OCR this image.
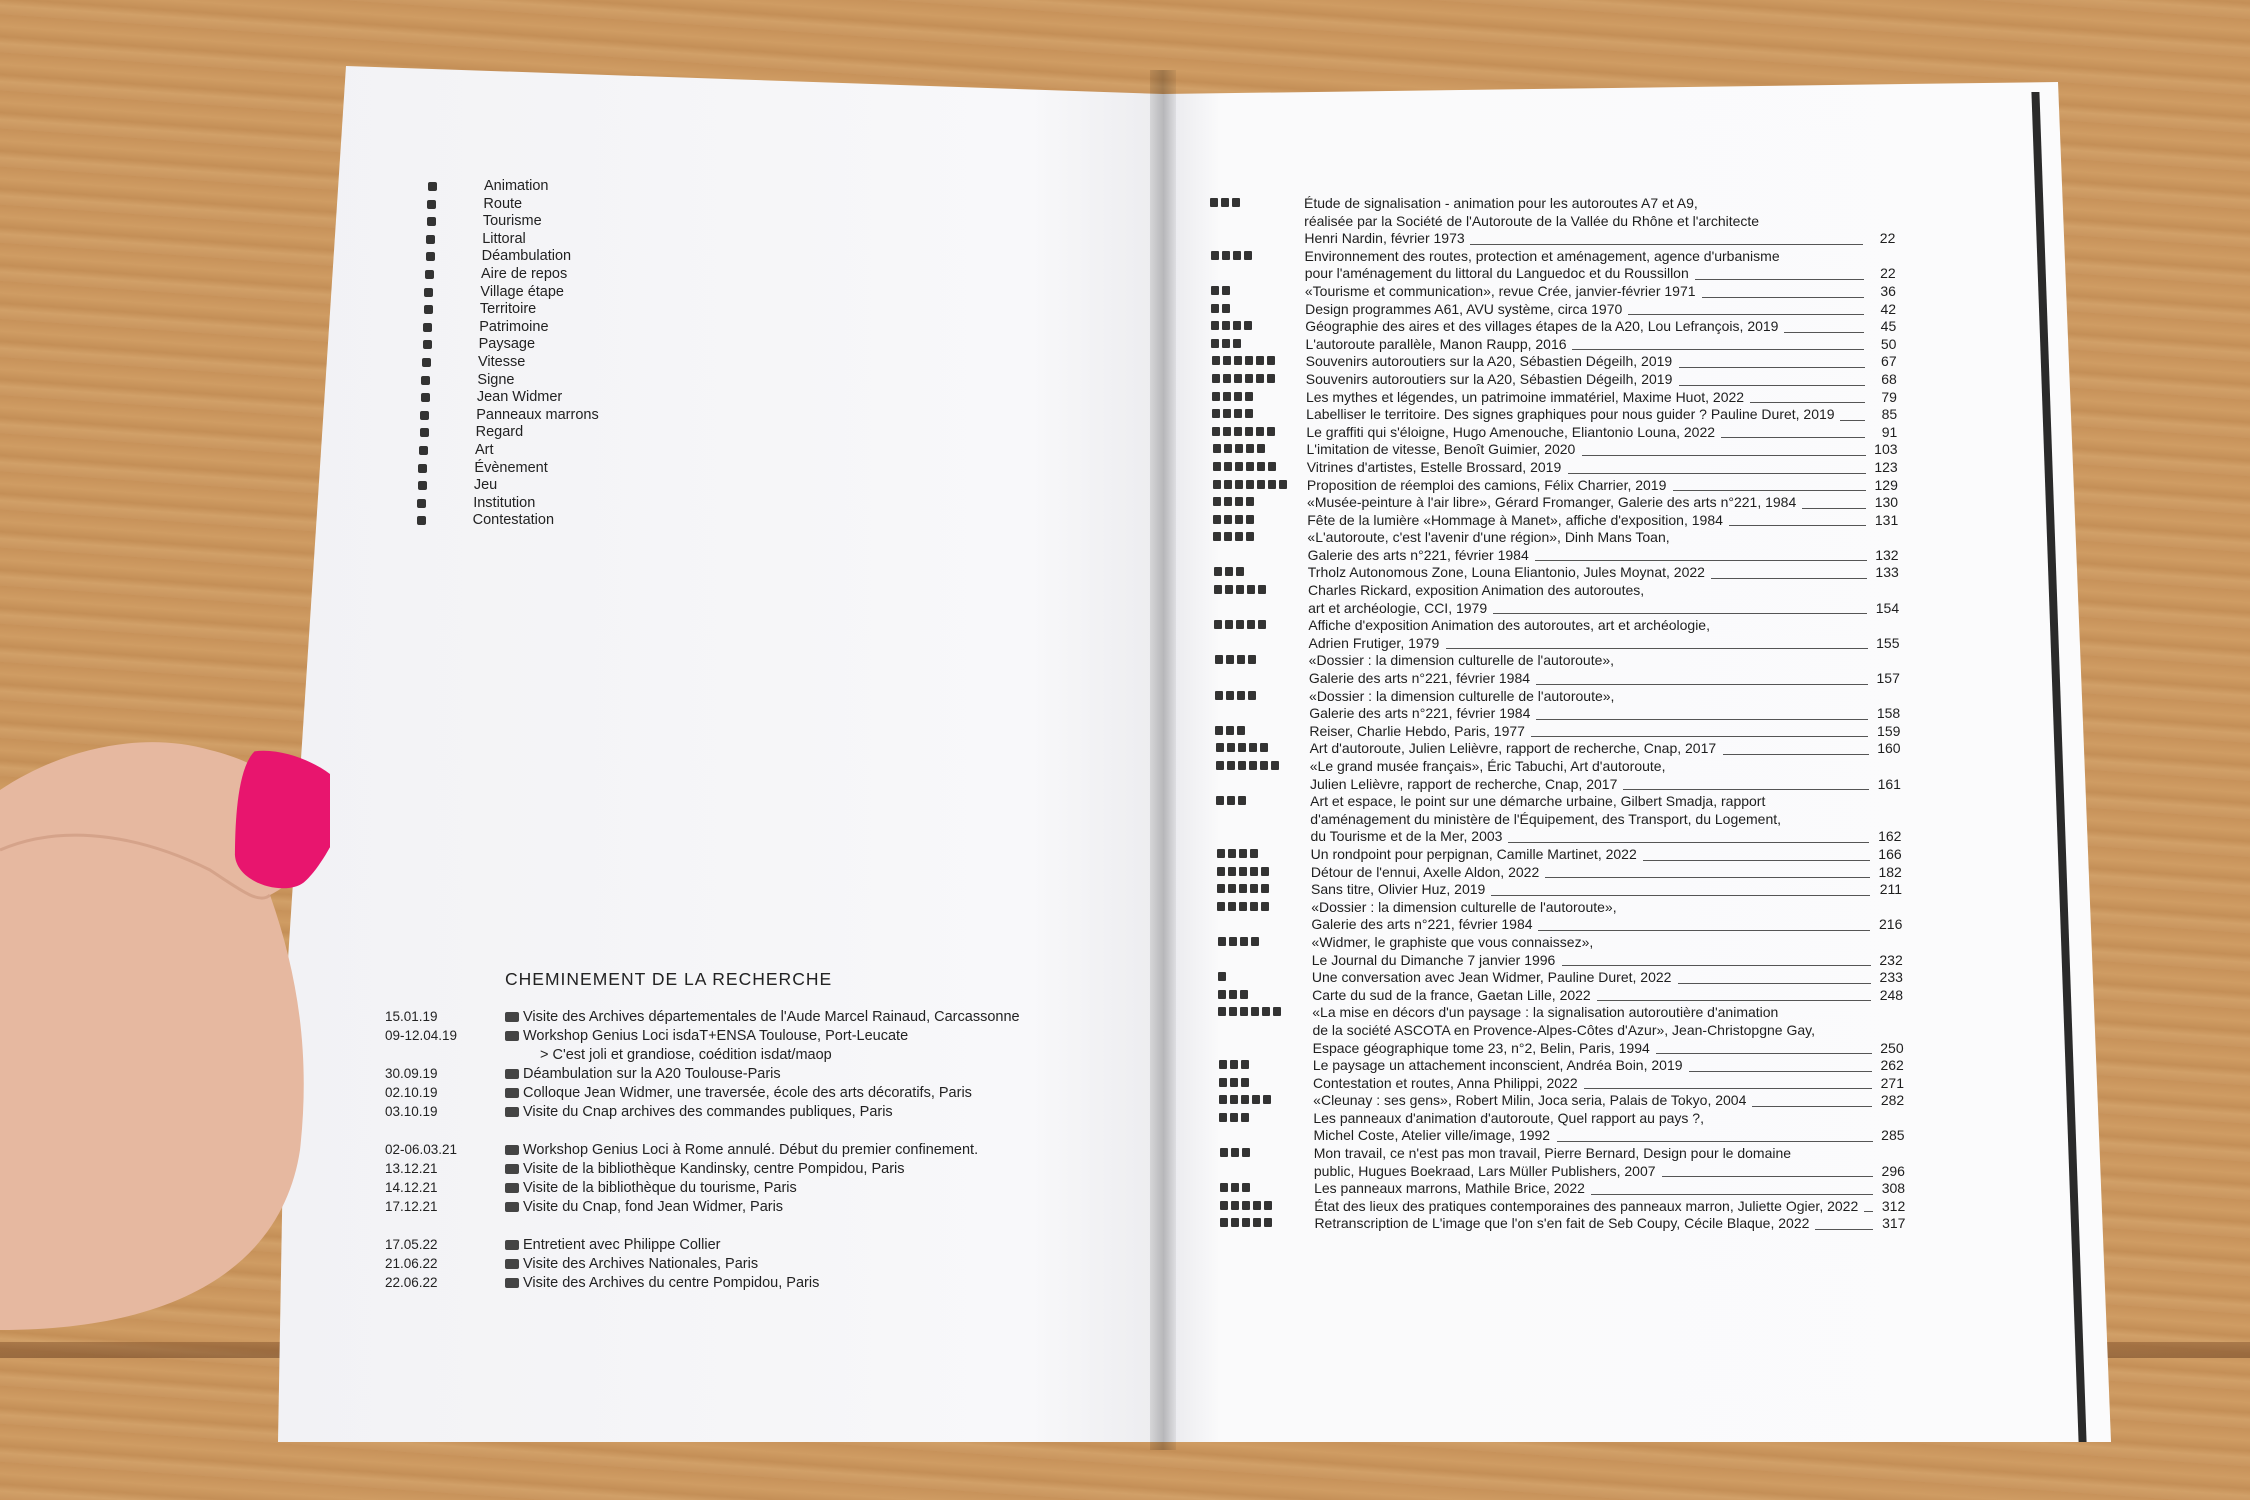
Animation
Route
Tourisme
Littoral
Déambulation
Aire de repos
Village étape
Territoire
Patrimoine
Paysage
Vitesse
Signe
Jean Widmer
Panneaux marrons
Regard
Art
Évènement
Jeu
Institution
Contestation
CHEMINEMENT DE LA RECHERCHE
15.01.19	Visite des Archives départementales de l'Aude Marcel Rainaud, Carcassonne
09-12.04.19	Workshop Genius Loci isdaT+ENSA Toulouse, Port-Leucate
> C'est joli et grandiose, coédition isdat/maop
30.09.19	Déambulation sur la A20 Toulouse-Paris
02.10.19	Colloque Jean Widmer, une traversée, école des arts décoratifs, Paris
03.10.19	Visite du Cnap archives des commandes publiques, Paris
02-06.03.21	Workshop Genius Loci à Rome annulé. Début du premier confinement.
13.12.21	Visite de la bibliothèque Kandinsky, centre Pompidou, Paris
14.12.21	Visite de la bibliothèque du tourisme, Paris
17.12.21	Visite du Cnap, fond Jean Widmer, Paris
17.05.22	Entretient avec Philippe Collier
21.06.22	Visite des Archives Nationales, Paris
22.06.22	Visite des Archives du centre Pompidou, Paris
Étude de signalisation - animation pour les autoroutes A7 et A9,
réalisée par la Société de l'Autoroute de la Vallée du Rhône et l'architecte
Henri Nardin, février 1973	22
Environnement des routes, protection et aménagement, agence d'urbanisme
pour l'aménagement du littoral du Languedoc et du Roussillon	22
«Tourisme et communication», revue Crée, janvier-février 1971	36
Design programmes A61, AVU système, circa 1970	42
Géographie des aires et des villages étapes de la A20, Lou Lefrançois, 2019	45
L'autoroute parallèle, Manon Raupp, 2016	50
Souvenirs autoroutiers sur la A20, Sébastien Dégeilh, 2019	67
Souvenirs autoroutiers sur la A20, Sébastien Dégeilh, 2019	68
Les mythes et légendes, un patrimoine immatériel, Maxime Huot, 2022	79
Labelliser le territoire. Des signes graphiques pour nous guider ? Pauline Duret, 2019	85
Le graffiti qui s'éloigne, Hugo Amenouche, Eliantonio Louna, 2022	91
L'imitation de vitesse, Benoît Guimier, 2020	103
Vitrines d'artistes, Estelle Brossard, 2019	123
Proposition de réemploi des camions, Félix Charrier, 2019	129
«Musée-peinture à l'air libre», Gérard Fromanger, Galerie des arts n°221, 1984	130
Fête de la lumière «Hommage à Manet», affiche d'exposition, 1984	131
«L'autoroute, c'est l'avenir d'une région», Dinh Mans Toan,
Galerie des arts n°221, février 1984	132
Trholz Autonomous Zone, Louna Eliantonio, Jules Moynat, 2022	133
Charles Rickard, exposition Animation des autoroutes,
art et archéologie, CCI, 1979	154
Affiche d'exposition Animation des autoroutes, art et archéologie,
Adrien Frutiger, 1979	155
«Dossier : la dimension culturelle de l'autoroute»,
Galerie des arts n°221, février 1984	157
«Dossier : la dimension culturelle de l'autoroute»,
Galerie des arts n°221, février 1984	158
Reiser, Charlie Hebdo, Paris, 1977	159
Art d'autoroute, Julien Lelièvre, rapport de recherche, Cnap, 2017	160
«Le grand musée français», Éric Tabuchi, Art d'autoroute,
Julien Lelièvre, rapport de recherche, Cnap, 2017	161
Art et espace, le point sur une démarche urbaine, Gilbert Smadja, rapport
d'aménagement du ministère de l'Équipement, des Transport, du Logement,
du Tourisme et de la Mer, 2003	162
Un rondpoint pour perpignan, Camille Martinet, 2022	166
Détour de l'ennui, Axelle Aldon, 2022	182
Sans titre, Olivier Huz, 2019	211
«Dossier : la dimension culturelle de l'autoroute»,
Galerie des arts n°221, février 1984	216
«Widmer, le graphiste que vous connaissez»,
Le Journal du Dimanche 7 janvier 1996	232
Une conversation avec Jean Widmer, Pauline Duret, 2022	233
Carte du sud de la france, Gaetan Lille, 2022	248
«La mise en décors d'un paysage : la signalisation autoroutière d'animation
de la société ASCOTA en Provence-Alpes-Côtes d'Azur», Jean-Christopgne Gay,
Espace géographique tome 23, n°2, Belin, Paris, 1994	250
Le paysage un attachement inconscient, Andréa Boin, 2019	262
Contestation et routes, Anna Philippi, 2022	271
«Cleunay : ses gens», Robert Milin, Joca seria, Palais de Tokyo, 2004	282
Les panneaux d'animation d'autoroute, Quel rapport au pays ?,
Michel Coste, Atelier ville/image, 1992	285
Mon travail, ce n'est pas mon travail, Pierre Bernard, Design pour le domaine
public, Hugues Boekraad, Lars Müller Publishers, 2007	296
Les panneaux marrons, Mathile Brice, 2022	308
État des lieux des pratiques contemporaines des panneaux marron, Juliette Ogier, 2022 312
Retranscription de L'image que l'on s'en fait de Seb Coupy, Cécile Blaque, 2022	317
